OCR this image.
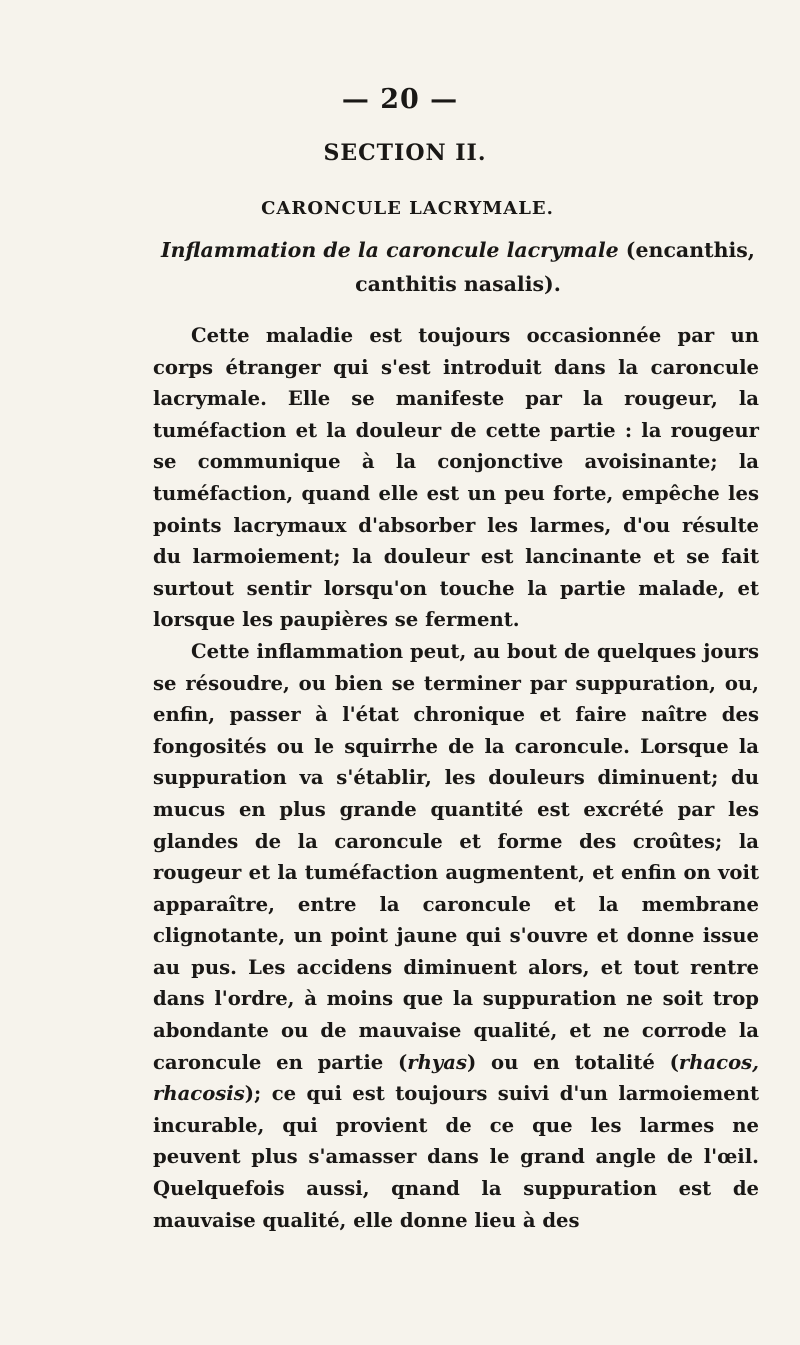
— 20 —
SECTION II.
CARONCULE LACRYMALE.
Inflammation de la caroncule lacrymale (encanthis, canthitis nasalis).

Cette maladie est toujours occasionnée par un corps étranger qui s'est introduit dans la caroncule lacrymale. Elle se manifeste par la rougeur, la tuméfaction et la douleur de cette partie : la rougeur se communique à la conjonctive avoisinante; la tuméfaction, quand elle est un peu forte, empêche les points lacrymaux d'absorber les larmes, d'ou résulte du larmoiement; la douleur est lancinante et se fait surtout sentir lorsqu'on touche la partie malade, et lorsque les paupières se ferment.

Cette inflammation peut, au bout de quelques jours se résoudre, ou bien se terminer par suppuration, ou, enfin, passer à l'état chronique et faire naître des fongosités ou le squirrhe de la caroncule. Lorsque la suppuration va s'établir, les douleurs diminuent; du mucus en plus grande quantité est excrété par les glandes de la caroncule et forme des croûtes; la rougeur et la tuméfaction augmentent, et enfin on voit apparaître, entre la caroncule et la membrane clignotante, un point jaune qui s'ouvre et donne issue au pus. Les accidens diminuent alors, et tout rentre dans l'ordre, à moins que la suppuration ne soit trop abondante ou de mauvaise qualité, et ne corrode la caroncule en partie (rhyas) ou en totalité (rhacos, rhacosis); ce qui est toujours suivi d'un larmoiement incurable, qui provient de ce que les larmes ne peuvent plus s'amasser dans le grand angle de l'œil. Quelquefois aussi, qnand la suppuration est de mauvaise qualité, elle donne lieu à des
